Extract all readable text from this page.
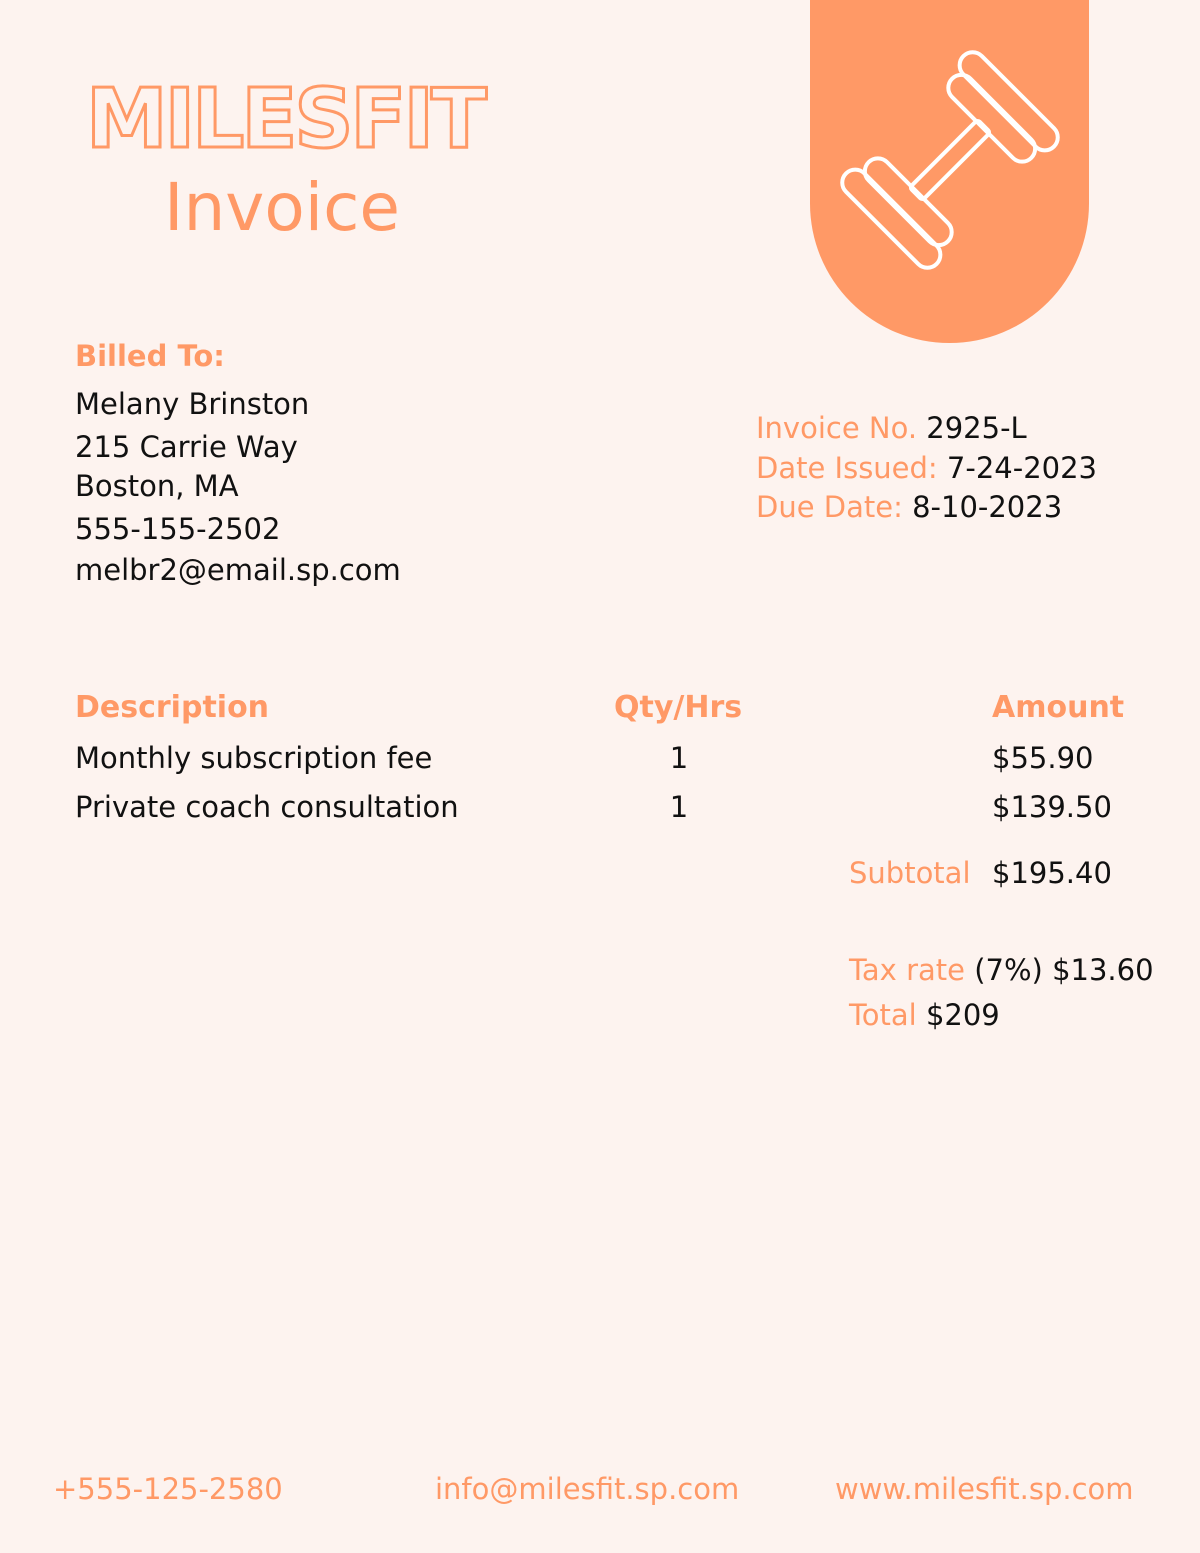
MILESFIT
Invoice
Billed To:
Melany Brinston
215 Carrie Way
Boston, MA
555-155-2502
melbr2@email.sp.com
Invoice No. 2925-L
Date Issued: 7-24-2023
Due Date: 8-10-2023
Description	Qty/Hrs	Amount
Monthly subscription fee	1	$55.90
Private coach consultation	1	$139.50
Subtotal $195.40
Tax rate (7%) $13.60
Total $209
+555-125-2580	info@milesfit.sp.com	www.milesfit.sp.com
